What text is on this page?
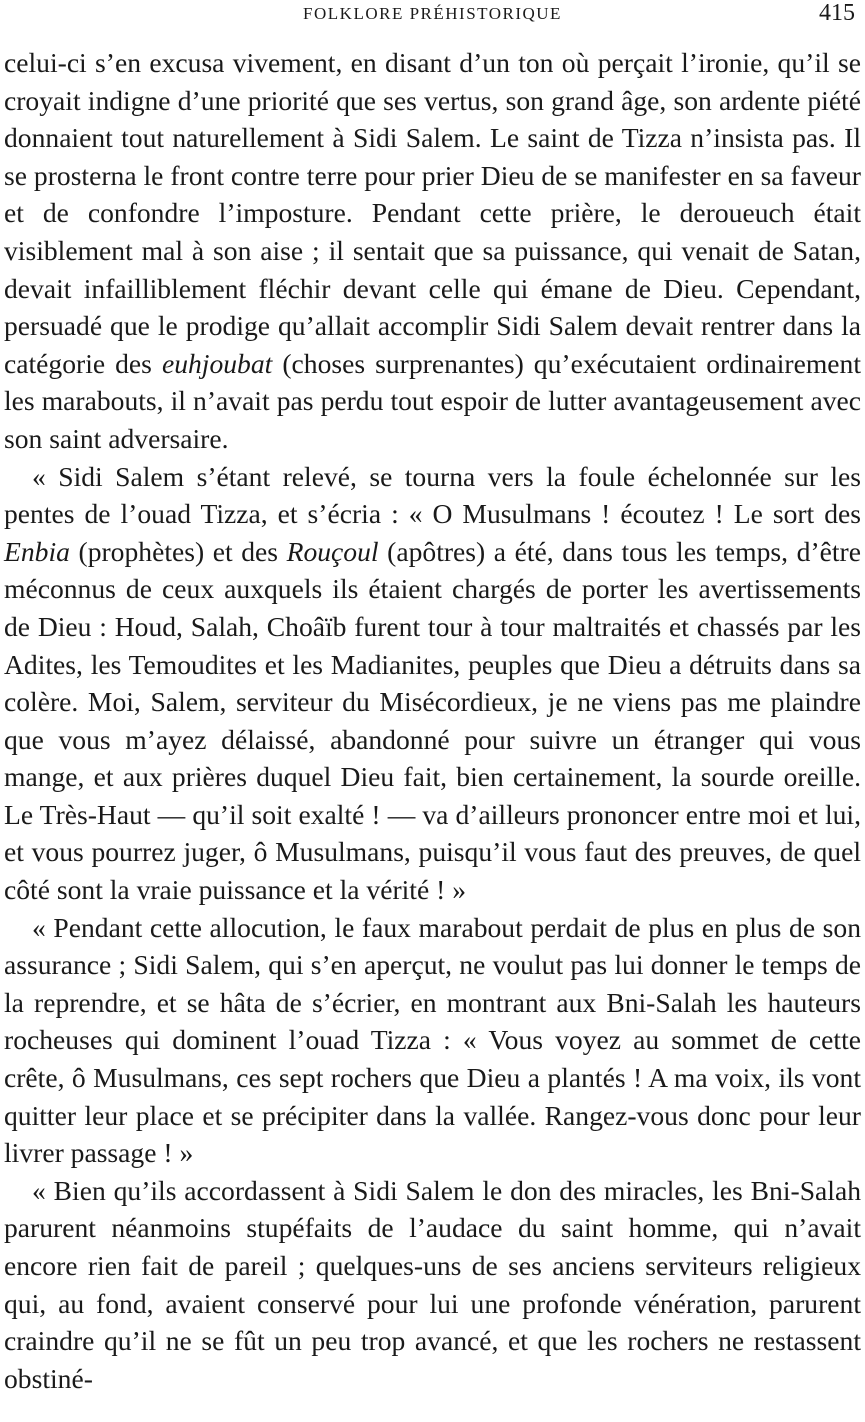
FOLKLORE PRÉHISTORIQUE	415

celui-ci s’en excusa vivement, en disant d’un ton où perçait l’ironie, qu’il se croyait indigne d’une priorité que ses vertus, son grand âge, son ardente piété donnaient tout naturellement à Sidi Salem. Le saint de Tizza n’insista pas. Il se prosterna le front contre terre pour prier Dieu de se manifester en sa faveur et de confondre l’imposture. Pendant cette prière, le deroueuch était visiblement mal à son aise ; il sentait que sa puissance, qui venait de Satan, devait infailliblement fléchir devant celle qui émane de Dieu. Cependant, persuadé que le prodige qu’allait accomplir Sidi Salem devait rentrer dans la catégorie des euhjoubat (choses surprenantes) qu’exécutaient ordinairement les marabouts, il n’avait pas perdu tout espoir de lutter avantageusement avec son saint adversaire.

« Sidi Salem s’étant relevé, se tourna vers la foule échelonnée sur les pentes de l’ouad Tizza, et s’écria : « O Musulmans ! écoutez ! Le sort des Enbia (prophètes) et des Rouçoul (apôtres) a été, dans tous les temps, d’être méconnus de ceux auxquels ils étaient chargés de porter les avertissements de Dieu : Houd, Salah, Choâïb furent tour à tour maltraités et chassés par les Adites, les Temoudites et les Madianites, peuples que Dieu a détruits dans sa colère. Moi, Salem, serviteur du Misécordieux, je ne viens pas me plaindre que vous m’ayez délaissé, abandonné pour suivre un étranger qui vous mange, et aux prières duquel Dieu fait, bien certainement, la sourde oreille. Le Très-Haut — qu’il soit exalté ! — va d’ailleurs prononcer entre moi et lui, et vous pourrez juger, ô Musulmans, puisqu’il vous faut des preuves, de quel côté sont la vraie puissance et la vérité ! »

« Pendant cette allocution, le faux marabout perdait de plus en plus de son assurance ; Sidi Salem, qui s’en aperçut, ne voulut pas lui donner le temps de la reprendre, et se hâta de s’écrier, en montrant aux Bni-Salah les hauteurs rocheuses qui dominent l’ouad Tizza : « Vous voyez au sommet de cette crête, ô Musulmans, ces sept rochers que Dieu a plantés ! A ma voix, ils vont quitter leur place et se précipiter dans la vallée. Rangez-vous donc pour leur livrer passage ! »

« Bien qu’ils accordassent à Sidi Salem le don des miracles, les Bni-Salah parurent néanmoins stupéfaits de l’audace du saint homme, qui n’avait encore rien fait de pareil ; quelques-uns de ses anciens serviteurs religieux qui, au fond, avaient conservé pour lui une profonde vénération, parurent craindre qu’il ne se fût un peu trop avancé, et que les rochers ne restassent obstiné-
